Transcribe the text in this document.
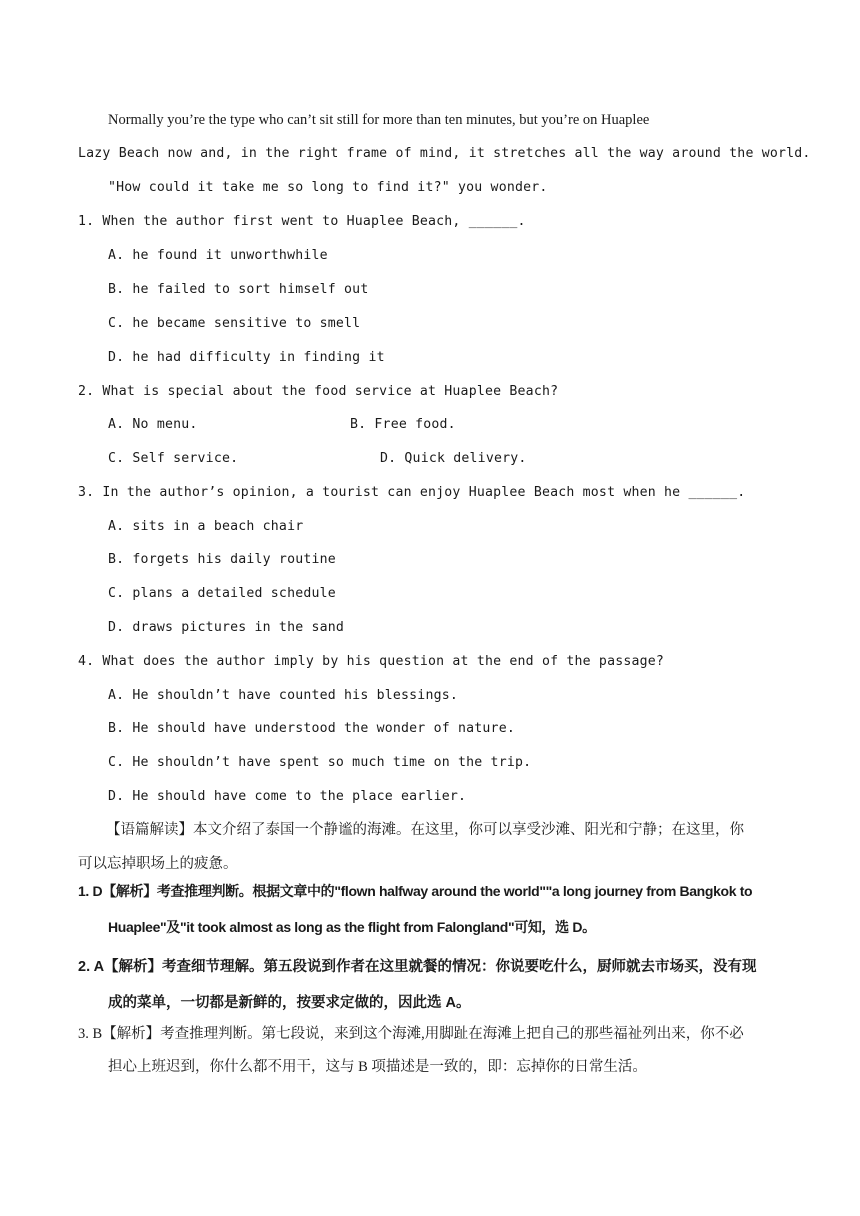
Normally you’re the type who can’t sit still for more than ten minutes, but you’re on Huaplee
Lazy Beach now and, in the right frame of mind, it stretches all the way around the world.
"How could it take me so long to find it?" you wonder.
1. When the author first went to Huaplee Beach, ______.
A. he found it unworthwhile
B. he failed to sort himself out
C. he became sensitive to smell
D. he had difficulty in finding it
2. What is special about the food service at Huaplee Beach?
A. No menu.	B. Free food.
C. Self service.	D. Quick delivery.
3. In the author’s opinion, a tourist can enjoy Huaplee Beach most when he ______.
A. sits in a beach chair
B. forgets his daily routine
C. plans a detailed schedule
D. draws pictures in the sand
4. What does the author imply by his question at the end of the passage?
A. He shouldn’t have counted his blessings.
B. He should have understood the wonder of nature.
C. He shouldn’t have spent so much time on the trip.
D. He should have come to the place earlier.
【语篇解读】本文介绍了泰国一个静谧的海滩。在这里，你可以享受沙滩、阳光和宁静；在这里，你
可以忘掉职场上的疲惫。
1. D【解析】考查推理判断。根据文章中的"flown halfway around the world""a long journey from Bangkok to
Huaplee"及"it took almost as long as the flight from Falongland"可知，选 D。
2. A【解析】考查细节理解。第五段说到作者在这里就餐的情况：你说要吃什么，厨师就去市场买，没有现
成的菜单，一切都是新鲜的，按要求定做的，因此选 A。
3. B【解析】考查推理判断。第七段说，来到这个海滩,用脚趾在海滩上把自己的那些福祉列出来，你不必
担心上班迟到，你什么都不用干，这与 B 项描述是一致的，即：忘掉你的日常生活。
